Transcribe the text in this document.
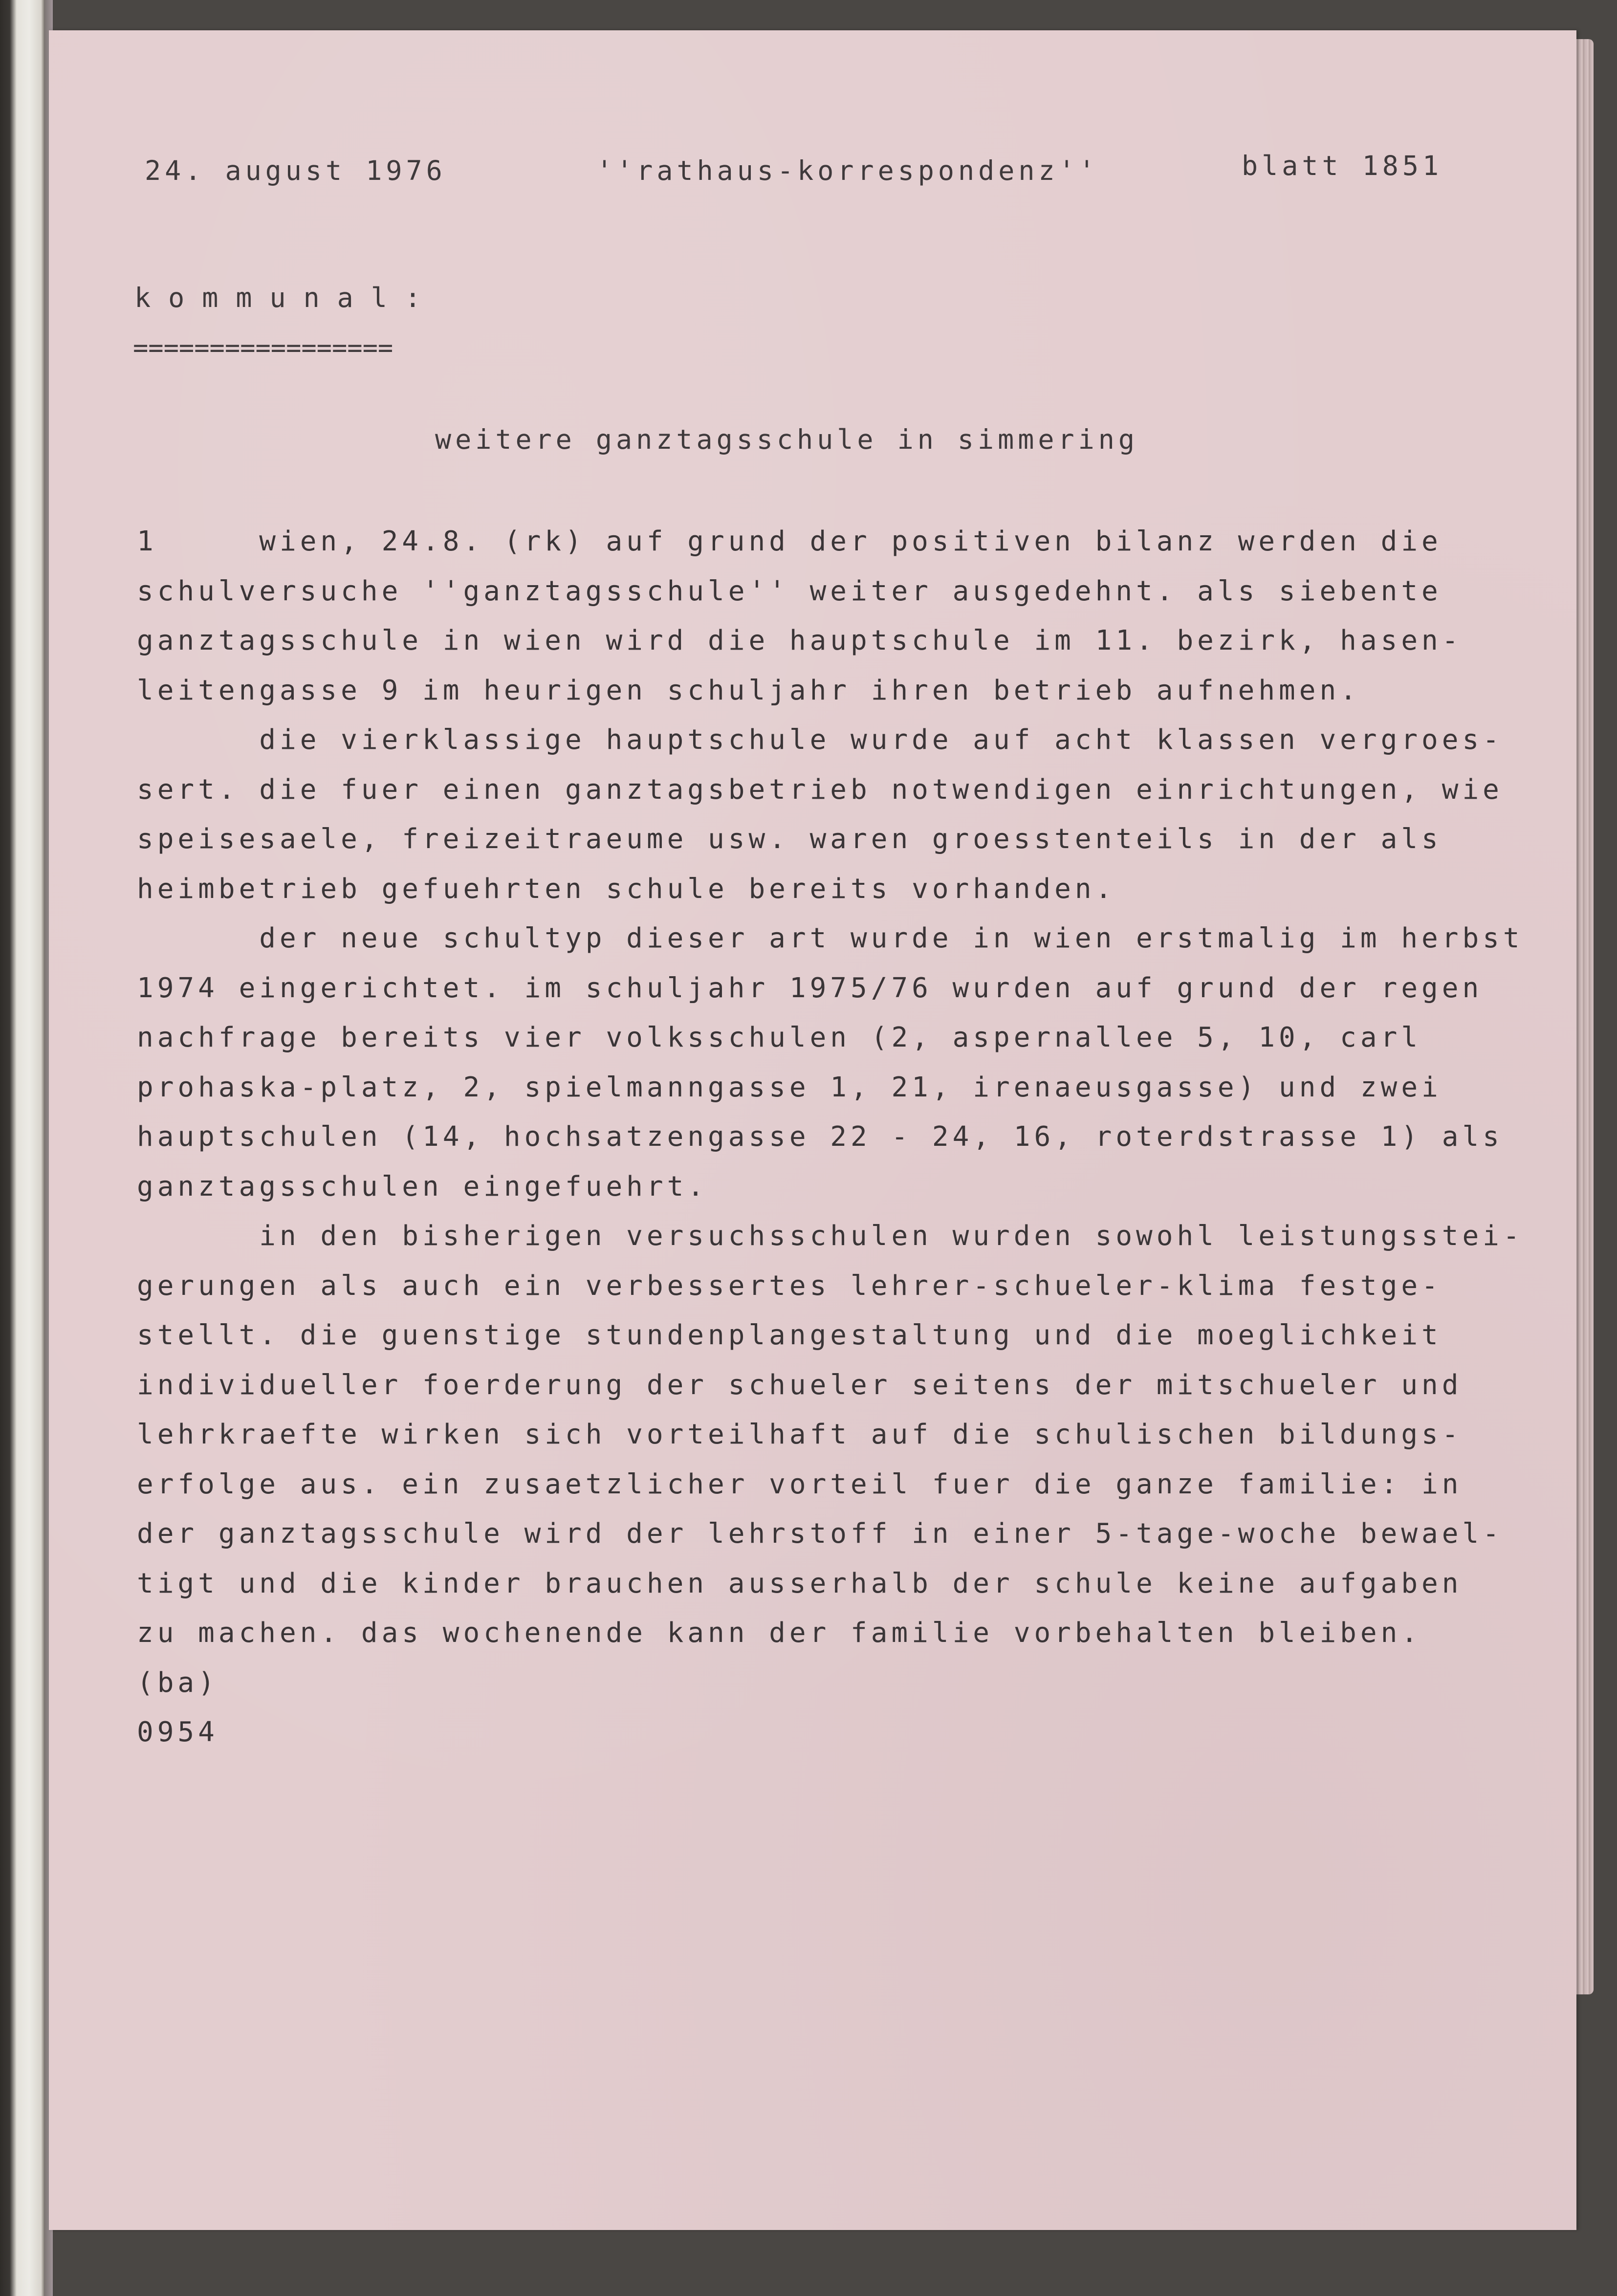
24. august 1976	''rathaus-korrespondenz''	blatt 1851
kommunal:
=================
weitere ganztagsschule in simmering
1     wien, 24.8. (rk) auf grund der positiven bilanz werden die
schulversuche ''ganztagsschule'' weiter ausgedehnt. als siebente
ganztagsschule in wien wird die hauptschule im 11. bezirk, hasen-
leitengasse 9 im heurigen schuljahr ihren betrieb aufnehmen.
die vierklassige hauptschule wurde auf acht klassen vergroes-
sert. die fuer einen ganztagsbetrieb notwendigen einrichtungen, wie
speisesaele, freizeitraeume usw. waren groesstenteils in der als
heimbetrieb gefuehrten schule bereits vorhanden.
der neue schultyp dieser art wurde in wien erstmalig im herbst
1974 eingerichtet. im schuljahr 1975/76 wurden auf grund der regen
nachfrage bereits vier volksschulen (2, aspernallee 5, 10, carl
prohaska-platz, 2, spielmanngasse 1, 21, irenaeusgasse) und zwei
hauptschulen (14, hochsatzengasse 22 - 24, 16, roterdstrasse 1) als
ganztagsschulen eingefuehrt.
in den bisherigen versuchsschulen wurden sowohl leistungsstei-
gerungen als auch ein verbessertes lehrer-schueler-klima festge-
stellt. die guenstige stundenplangestaltung und die moeglichkeit
individueller foerderung der schueler seitens der mitschueler und
lehrkraefte wirken sich vorteilhaft auf die schulischen bildungs-
erfolge aus. ein zusaetzlicher vorteil fuer die ganze familie: in
der ganztagsschule wird der lehrstoff in einer 5-tage-woche bewael-
tigt und die kinder brauchen ausserhalb der schule keine aufgaben
zu machen. das wochenende kann der familie vorbehalten bleiben.
(ba)
0954
